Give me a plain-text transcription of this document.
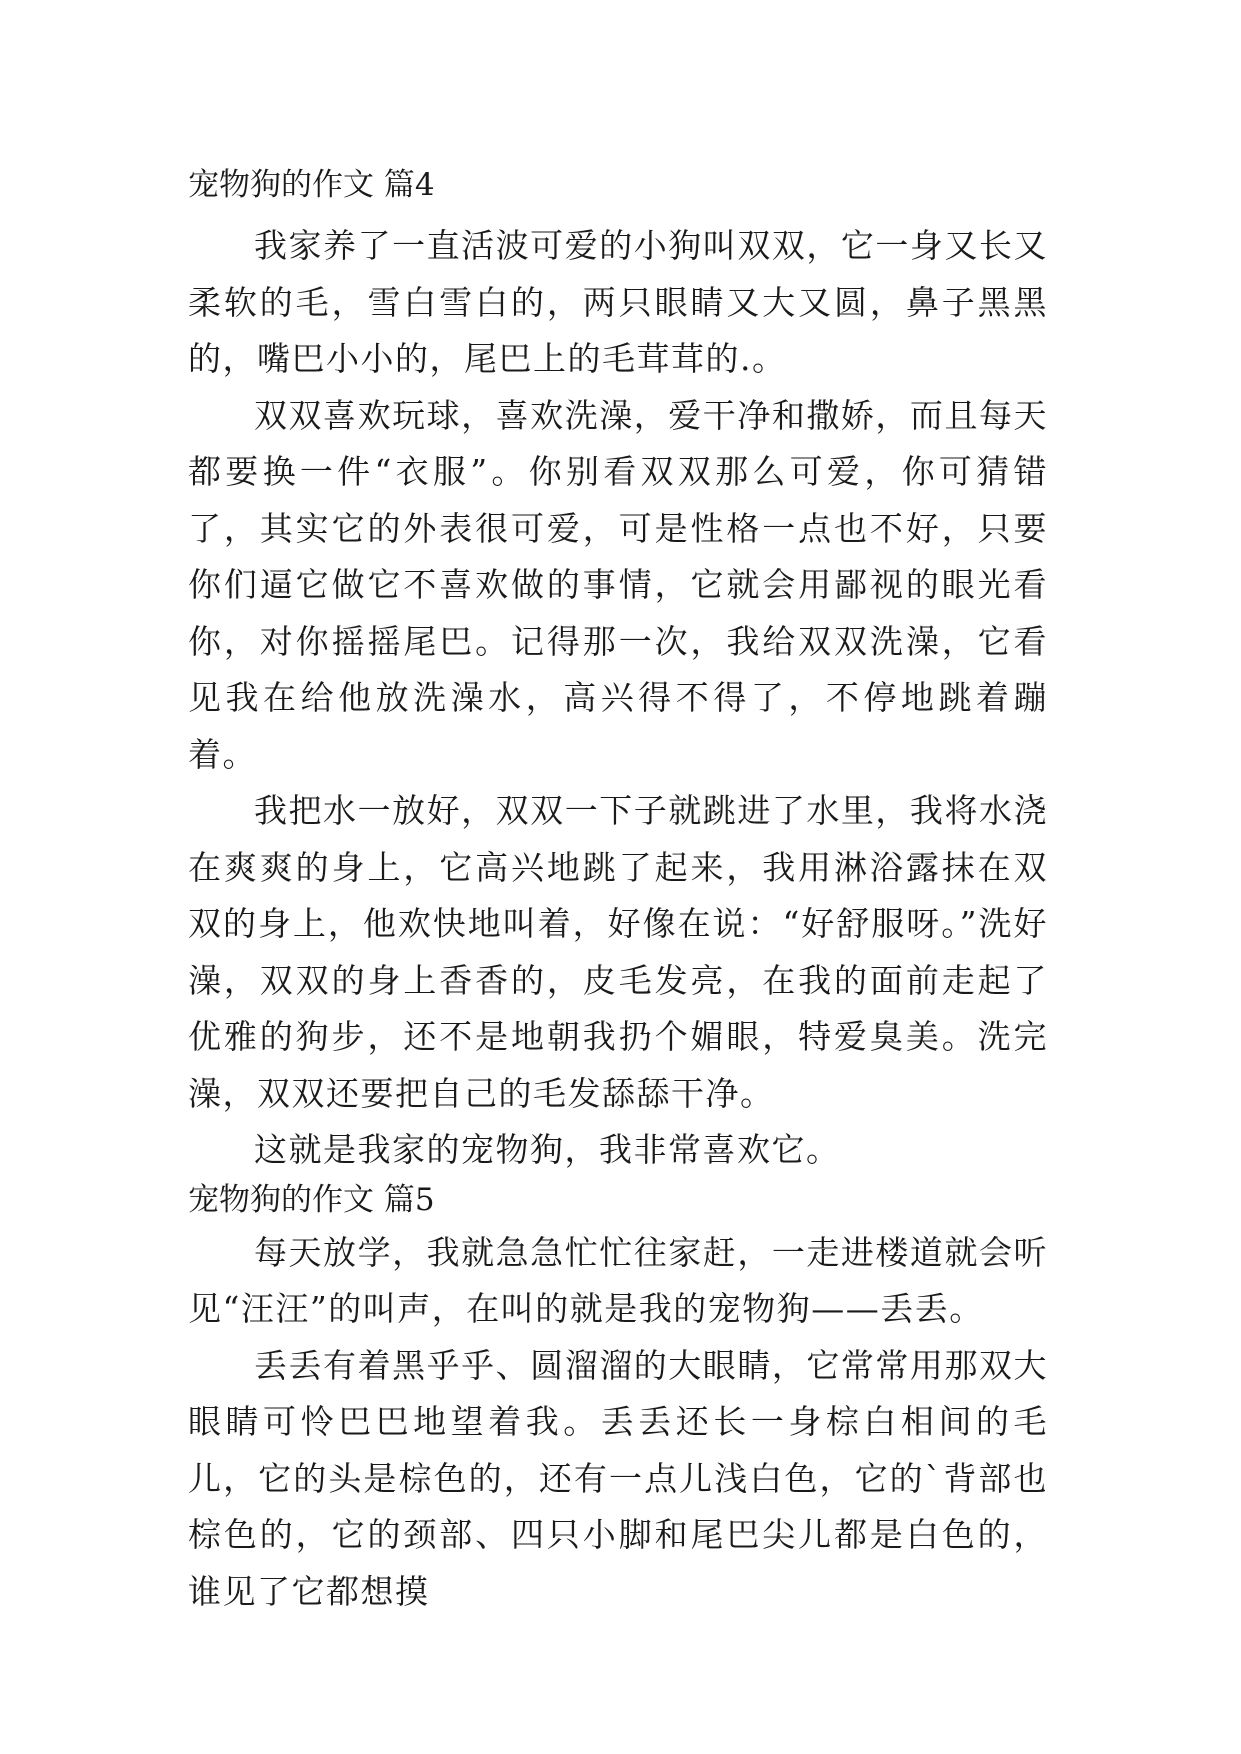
宠物狗的作文 篇4

我家养了一直活波可爱的小狗叫双双，它一身又长又柔软的毛，雪白雪白的，两只眼睛又大又圆，鼻子黑黑的，嘴巴小小的，尾巴上的毛茸茸的.。

双双喜欢玩球，喜欢洗澡，爱干净和撒娇，而且每天都要换一件“衣服”。你别看双双那么可爱，你可猜错了，其实它的外表很可爱，可是性格一点也不好，只要你们逼它做它不喜欢做的事情，它就会用鄙视的眼光看你，对你摇摇尾巴。记得那一次，我给双双洗澡，它看见我在给他放洗澡水，高兴得不得了，不停地跳着蹦着。

我把水一放好，双双一下子就跳进了水里，我将水浇在爽爽的身上，它高兴地跳了起来，我用淋浴露抹在双双的身上，他欢快地叫着，好像在说：“好舒服呀。”洗好澡，双双的身上香香的，皮毛发亮，在我的面前走起了优雅的狗步，还不是地朝我扔个媚眼，特爱臭美。洗完澡，双双还要把自己的毛发舔舔干净。

这就是我家的宠物狗，我非常喜欢它。

宠物狗的作文 篇5

每天放学，我就急急忙忙往家赶，一走进楼道就会听见“汪汪”的叫声，在叫的就是我的宠物狗——丢丢。

丢丢有着黑乎乎、圆溜溜的大眼睛，它常常用那双大眼睛可怜巴巴地望着我。丢丢还长一身棕白相间的毛儿，它的头是棕色的，还有一点儿浅白色，它的`背部也棕色的，它的颈部、四只小脚和尾巴尖儿都是白色的，谁见了它都想摸
